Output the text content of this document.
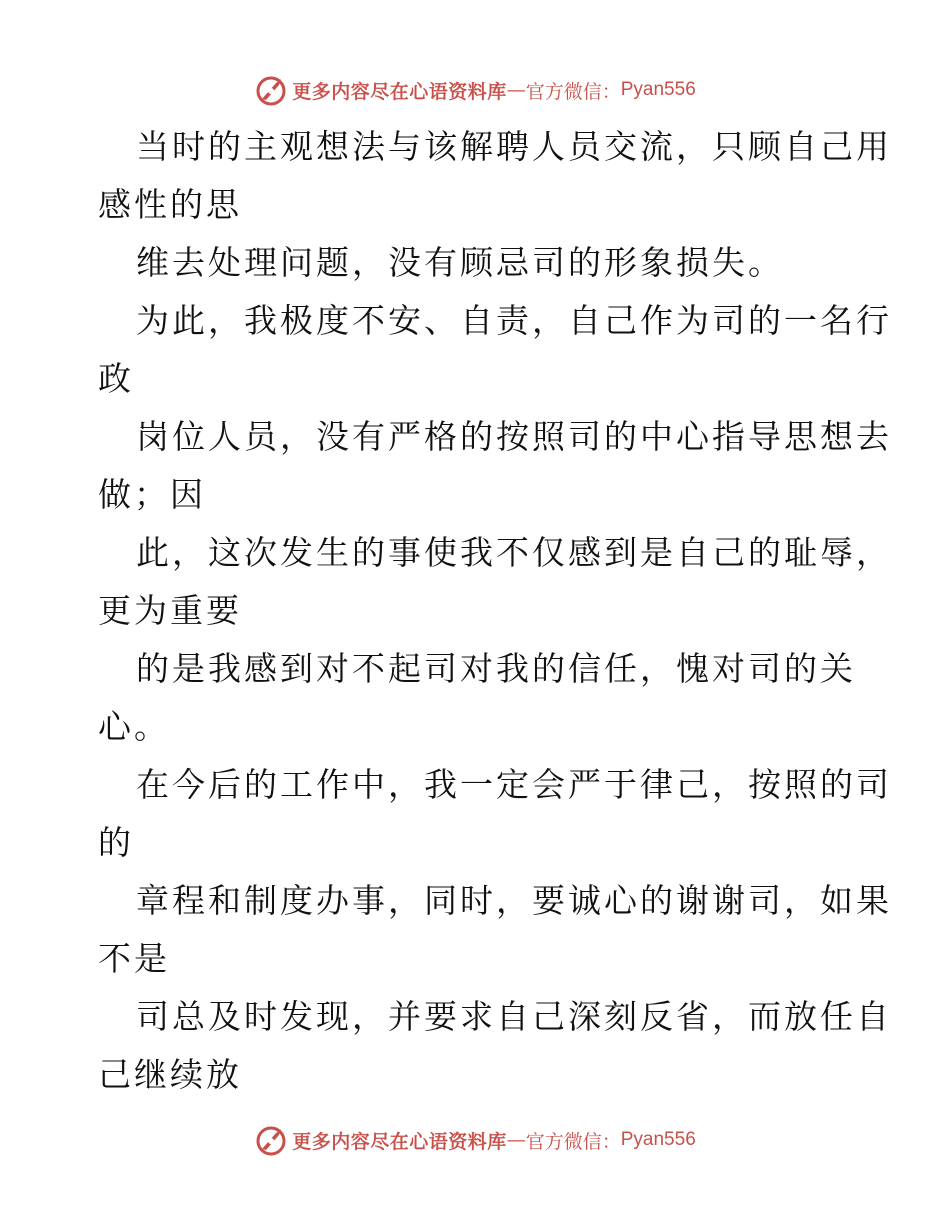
更多内容尽在心语资料库 — 官方微信： Pyan556
当时的主观想法与该解聘人员交流，只顾自己用
感性的思
维去处理问题，没有顾忌司的形象损失。
为此，我极度不安、自责，自己作为司的一名行
政
岗位人员，没有严格的按照司的中心指导思想去
做；因
此，这次发生的事使我不仅感到是自己的耻辱，
更为重要
的是我感到对不起司对我的信任，愧对司的关
心。
在今后的工作中，我一定会严于律己，按照的司
的
章程和制度办事，同时，要诚心的谢谢司，如果
不是
司总及时发现，并要求自己深刻反省，而放任自
己继续放
更多内容尽在心语资料库 — 官方微信： Pyan556
